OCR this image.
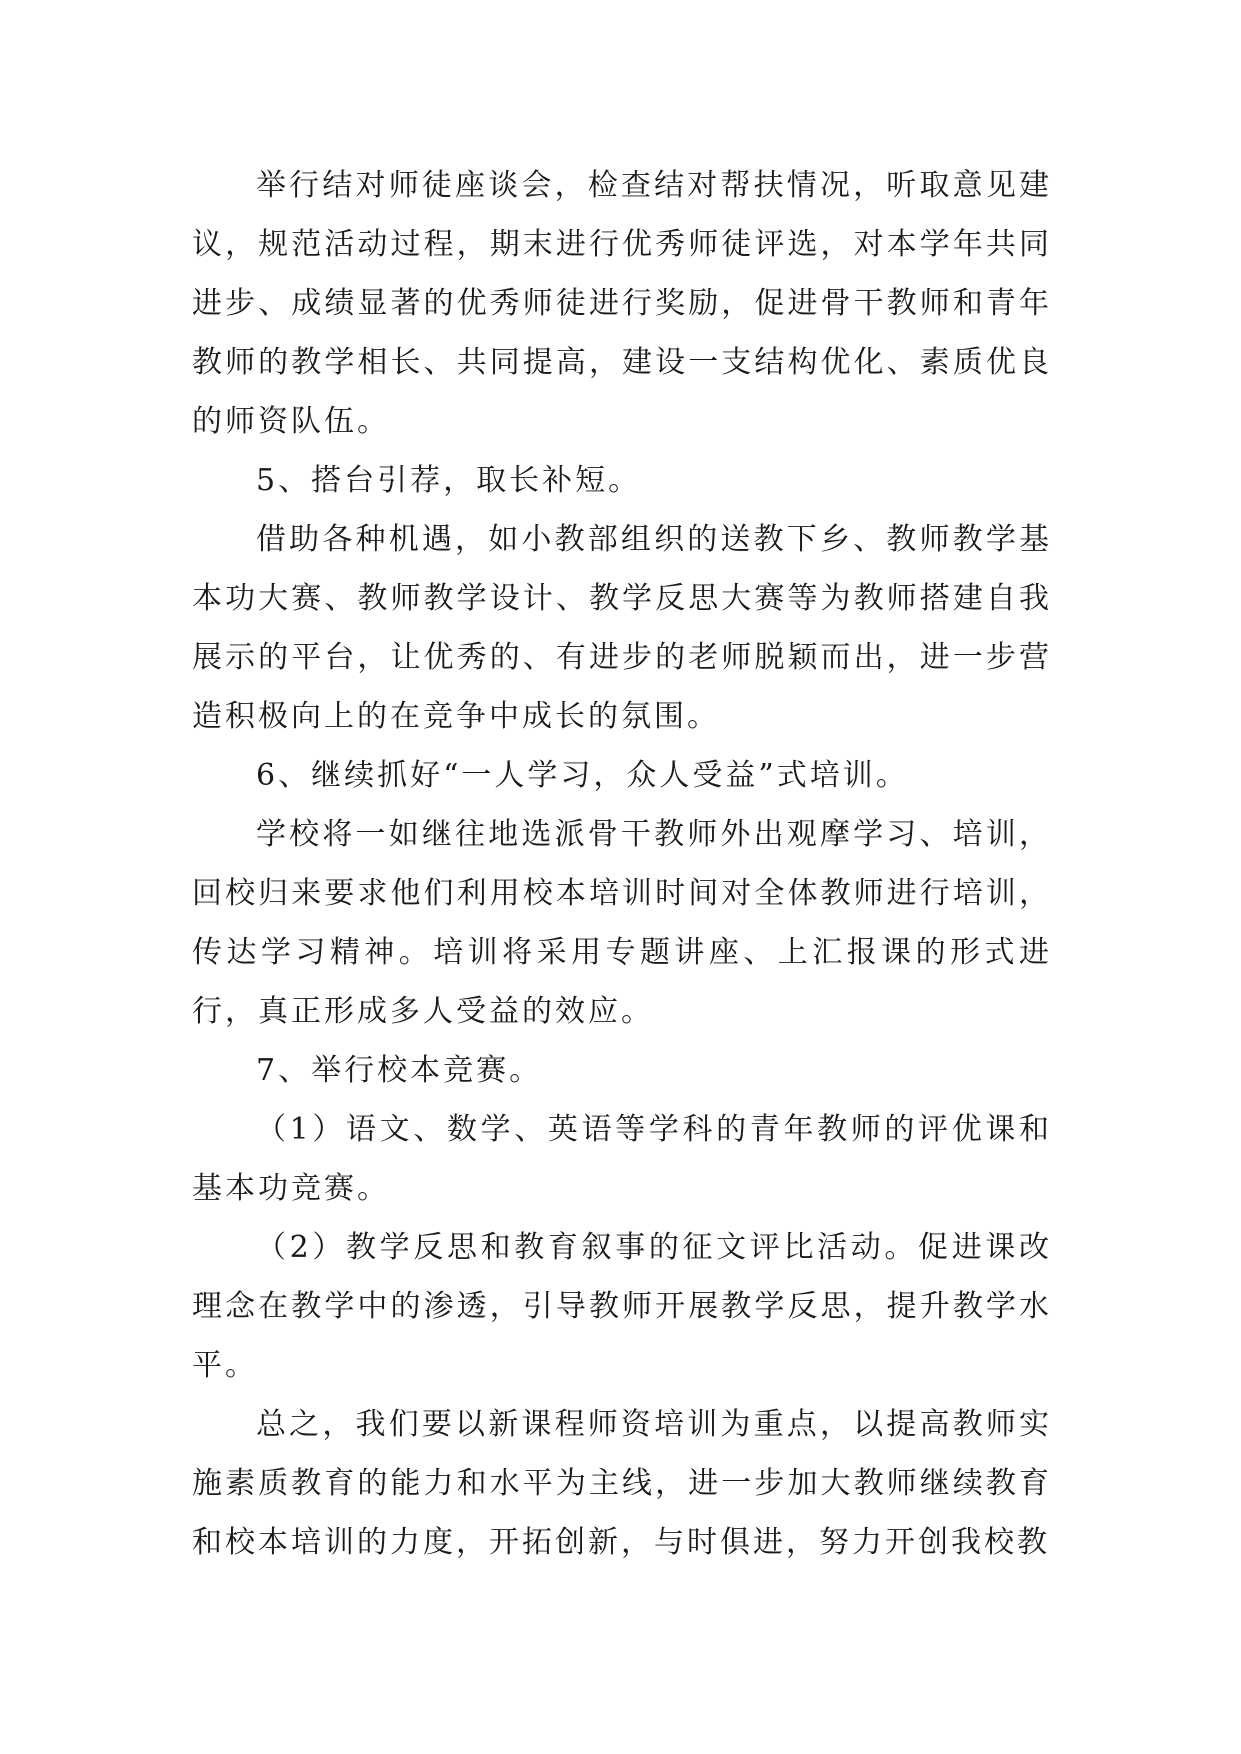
举行结对师徒座谈会，检查结对帮扶情况，听取意见建议，规范活动过程，期末进行优秀师徒评选，对本学年共同进步、成绩显著的优秀师徒进行奖励，促进骨干教师和青年教师的教学相长、共同提高，建设一支结构优化、素质优良的师资队伍。

5、搭台引荐，取长补短。

借助各种机遇，如小教部组织的送教下乡、教师教学基本功大赛、教师教学设计、教学反思大赛等为教师搭建自我展示的平台，让优秀的、有进步的老师脱颖而出，进一步营造积极向上的在竞争中成长的氛围。

6、继续抓好“一人学习，众人受益”式培训。

学校将一如继往地选派骨干教师外出观摩学习、培训，回校归来要求他们利用校本培训时间对全体教师进行培训，传达学习精神。培训将采用专题讲座、上汇报课的形式进行，真正形成多人受益的效应。

7、举行校本竞赛。

（1）语文、数学、英语等学科的青年教师的评优课和基本功竞赛。

（2）教学反思和教育叙事的征文评比活动。促进课改理念在教学中的渗透，引导教师开展教学反思，提升教学水平。

总之，我们要以新课程师资培训为重点，以提高教师实施素质教育的能力和水平为主线，进一步加大教师继续教育和校本培训的力度，开拓创新，与时俱进，努力开创我校教
